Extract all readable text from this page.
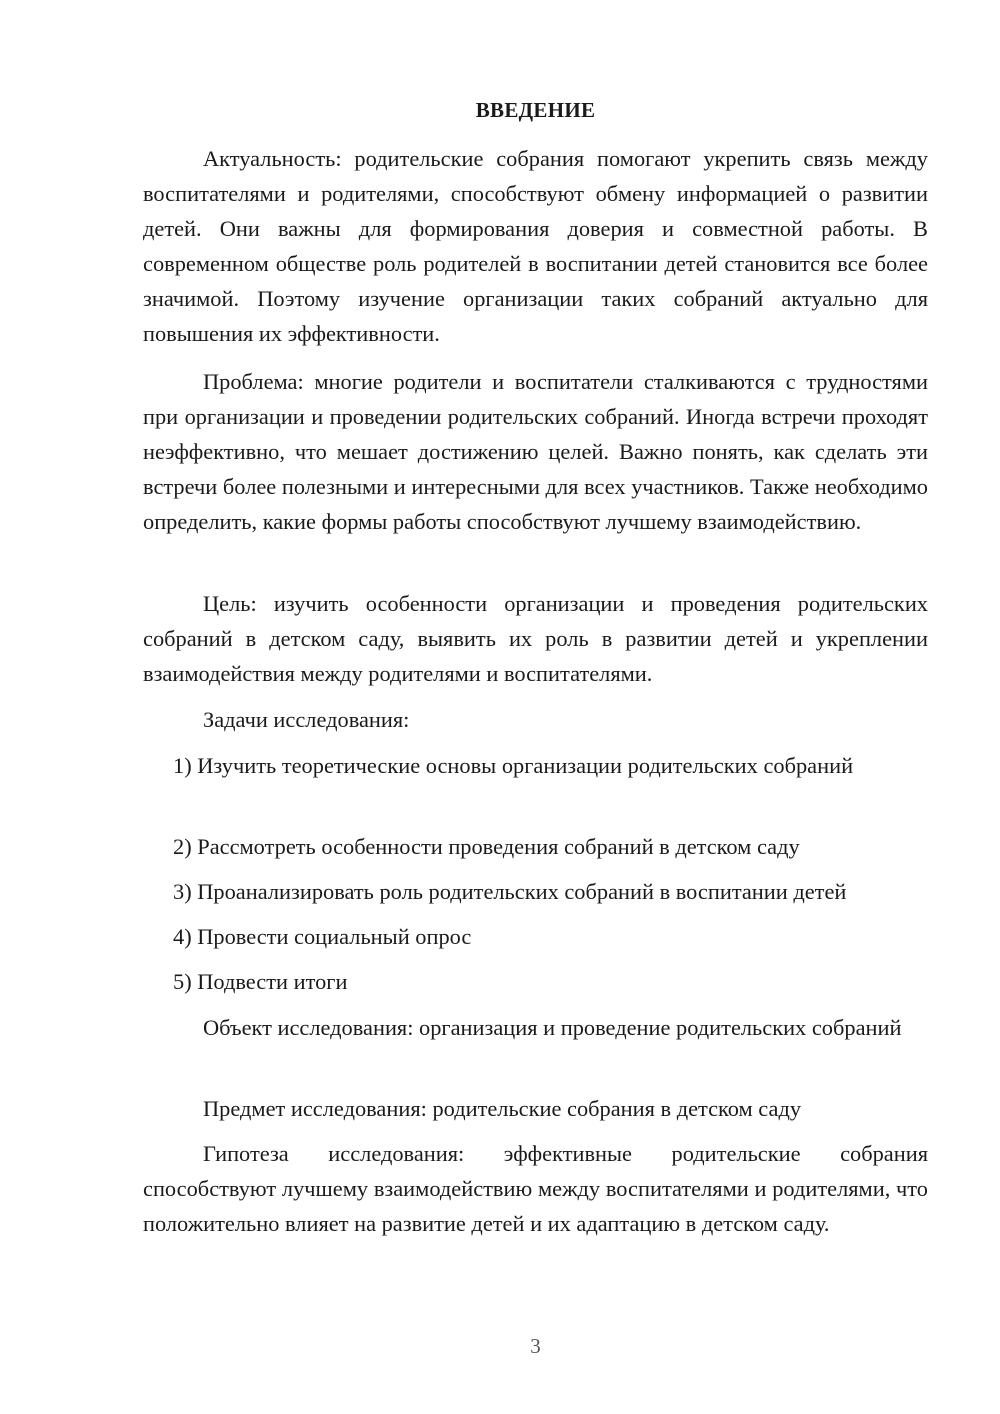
ВВЕДЕНИЕ

Актуальность: родительские собрания помогают укрепить связь между воспитателями и родителями, способствуют обмену информацией о развитии детей. Они важны для формирования доверия и совместной работы. В современном обществе роль родителей в воспитании детей становится все более значимой. Поэтому изучение организации таких собраний актуально для повышения их эффективности.

Проблема: многие родители и воспитатели сталкиваются с трудностями при организации и проведении родительских собраний. Иногда встречи проходят неэффективно, что мешает достижению целей. Важно понять, как сделать эти встречи более полезными и интересными для всех участников. Также необходимо определить, какие формы работы способствуют лучшему взаимодействию.

Цель: изучить особенности организации и проведения родительских собраний в детском саду, выявить их роль в развитии детей и укреплении взаимодействия между родителями и воспитателями.

Задачи исследования:

1) Изучить теоретические основы организации родительских собраний

2) Рассмотреть особенности проведения собраний в детском саду

3) Проанализировать роль родительских собраний в воспитании детей

4) Провести социальный опрос

5) Подвести итоги

Объект исследования: организация и проведение родительских собраний

Предмет исследования: родительские собрания в детском саду

Гипотеза исследования: эффективные родительские собрания способствуют лучшему взаимодействию между воспитателями и родителями, что положительно влияет на развитие детей и их адаптацию в детском саду.

3
